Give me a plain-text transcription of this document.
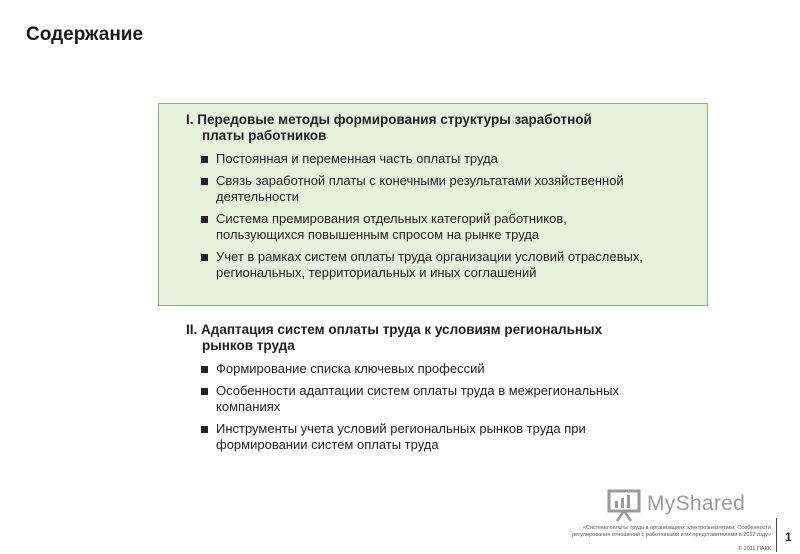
Содержание
I. Передовые методы формирования структуры заработной
платы работников
Постоянная и переменная часть оплаты труда
Связь заработной платы с конечными результатами хозяйственной деятельности
Система премирования отдельных категорий работников, пользующихся повышенным спросом на рынке труда
Учет в рамках систем оплаты труда организации условий отраслевых, региональных, территориальных и иных соглашений
II. Адаптация систем оплаты труда к условиям региональных
рынков труда
Формирование списка ключевых профессий
Особенности адаптации систем оплаты труда в межрегиональных компаниях
Инструменты учета условий региональных рынков труда при формировании систем оплаты труда
MyShared
«Система оплаты труда в организациях электроэнергетики. Особенности
регулирования отношений с работниками и их представителями в 2012 году»
© 2011 ПАКК
1
